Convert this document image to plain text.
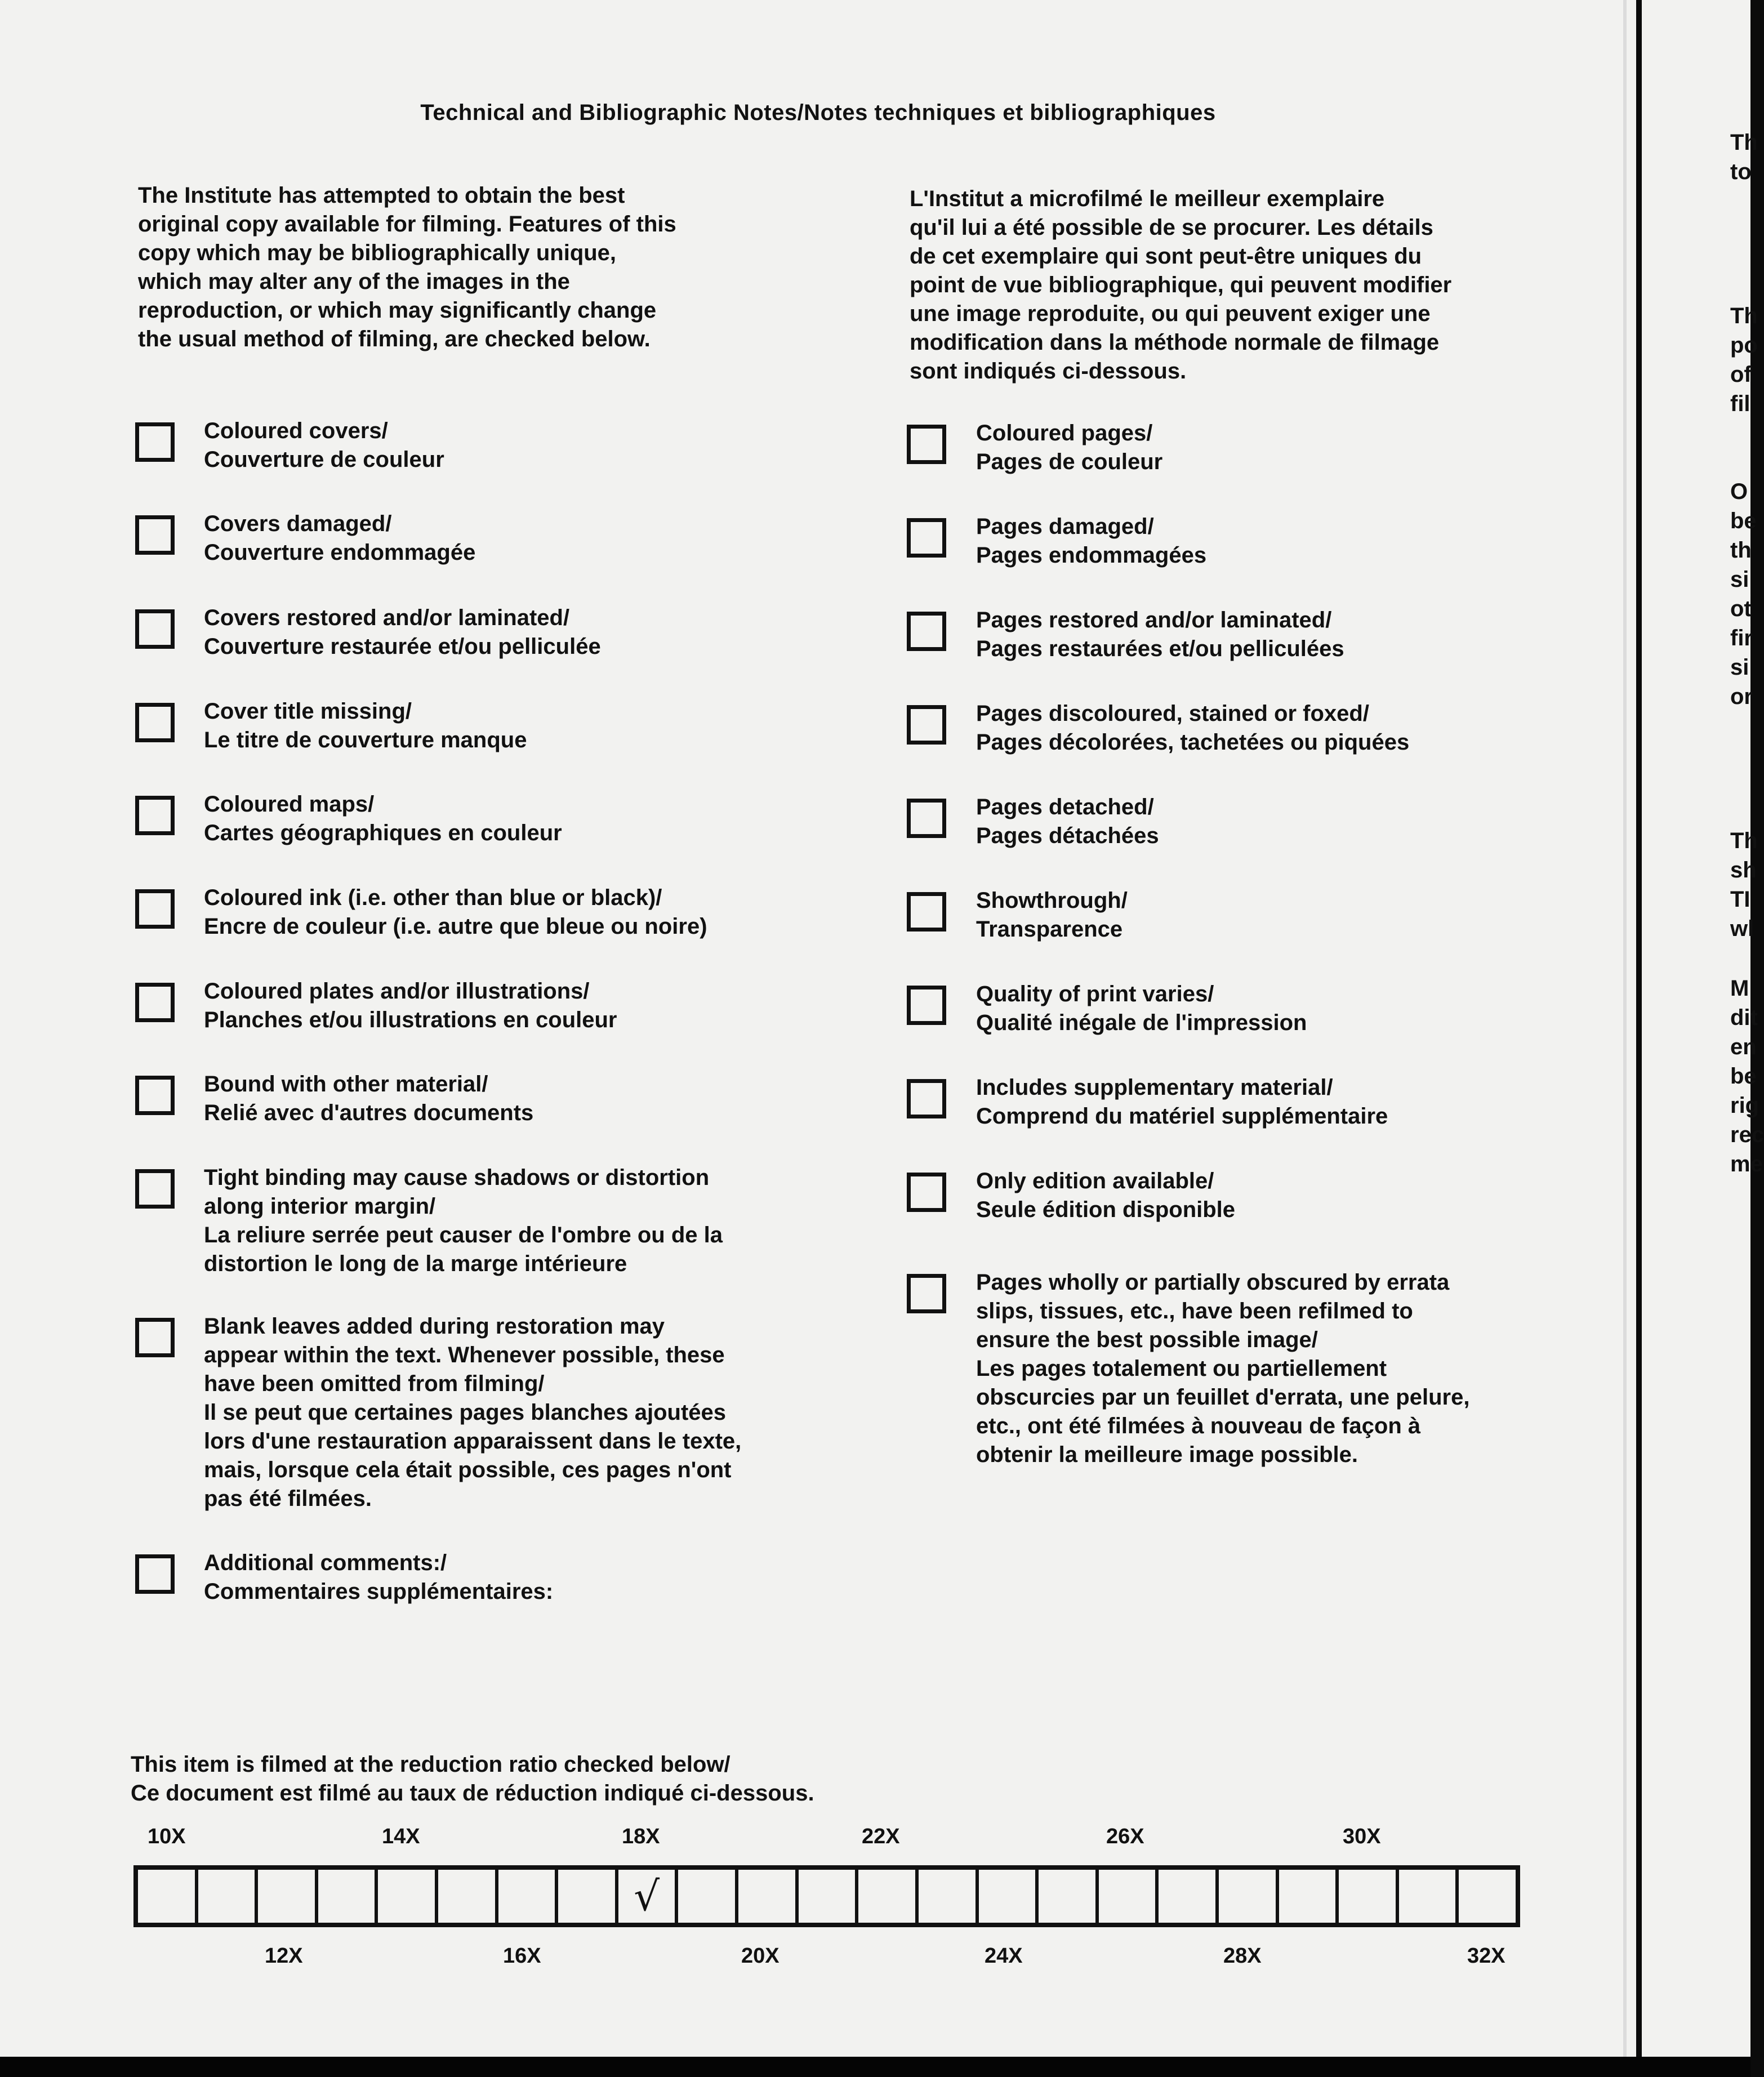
Technical and Bibliographic Notes/Notes techniques et bibliographiques
The Institute has attempted to obtain the best
original copy available for filming. Features of this
copy which may be bibliographically unique,
which may alter any of the images in the
reproduction, or which may significantly change
the usual method of filming, are checked below.
L'Institut a microfilmé le meilleur exemplaire
qu'il lui a été possible de se procurer. Les détails
de cet exemplaire qui sont peut-être uniques du
point de vue bibliographique, qui peuvent modifier
une image reproduite, ou qui peuvent exiger une
modification dans la méthode normale de filmage
sont indiqués ci-dessous.
Coloured covers/
Couverture de couleur
Covers damaged/
Couverture endommagée
Covers restored and/or laminated/
Couverture restaurée et/ou pelliculée
Cover title missing/
Le titre de couverture manque
Coloured maps/
Cartes géographiques en couleur
Coloured ink (i.e. other than blue or black)/
Encre de couleur (i.e. autre que bleue ou noire)
Coloured plates and/or illustrations/
Planches et/ou illustrations en couleur
Bound with other material/
Relié avec d'autres documents
Tight binding may cause shadows or distortion
along interior margin/
La reliure serrée peut causer de l'ombre ou de la
distortion le long de la marge intérieure
Blank leaves added during restoration may
appear within the text. Whenever possible, these
have been omitted from filming/
Il se peut que certaines pages blanches ajoutées
lors d'une restauration apparaissent dans le texte,
mais, lorsque cela était possible, ces pages n'ont
pas été filmées.
Additional comments:/
Commentaires supplémentaires:
Coloured pages/
Pages de couleur
Pages damaged/
Pages endommagées
Pages restored and/or laminated/
Pages restaurées et/ou pelliculées
Pages discoloured, stained or foxed/
Pages décolorées, tachetées ou piquées
Pages detached/
Pages détachées
Showthrough/
Transparence
Quality of print varies/
Qualité inégale de l'impression
Includes supplementary material/
Comprend du matériel supplémentaire
Only edition available/
Seule édition disponible
Pages wholly or partially obscured by errata
slips, tissues, etc., have been refilmed to
ensure the best possible image/
Les pages totalement ou partiellement
obscurcies par un feuillet d'errata, une pelure,
etc., ont été filmées à nouveau de façon à
obtenir la meilleure image possible.
This item is filmed at the reduction ratio checked below/
Ce document est filmé au taux de réduction indiqué ci-dessous.
10X	14X	18X	22X	26X	30X
√
12X	16X	20X	24X	28X	32X
Th
to
Th
po
of
fil
O
be
th
si
ot
fir
si
or
Th
sh
TI
wl
M
dit
en
be
rig
rec
me
